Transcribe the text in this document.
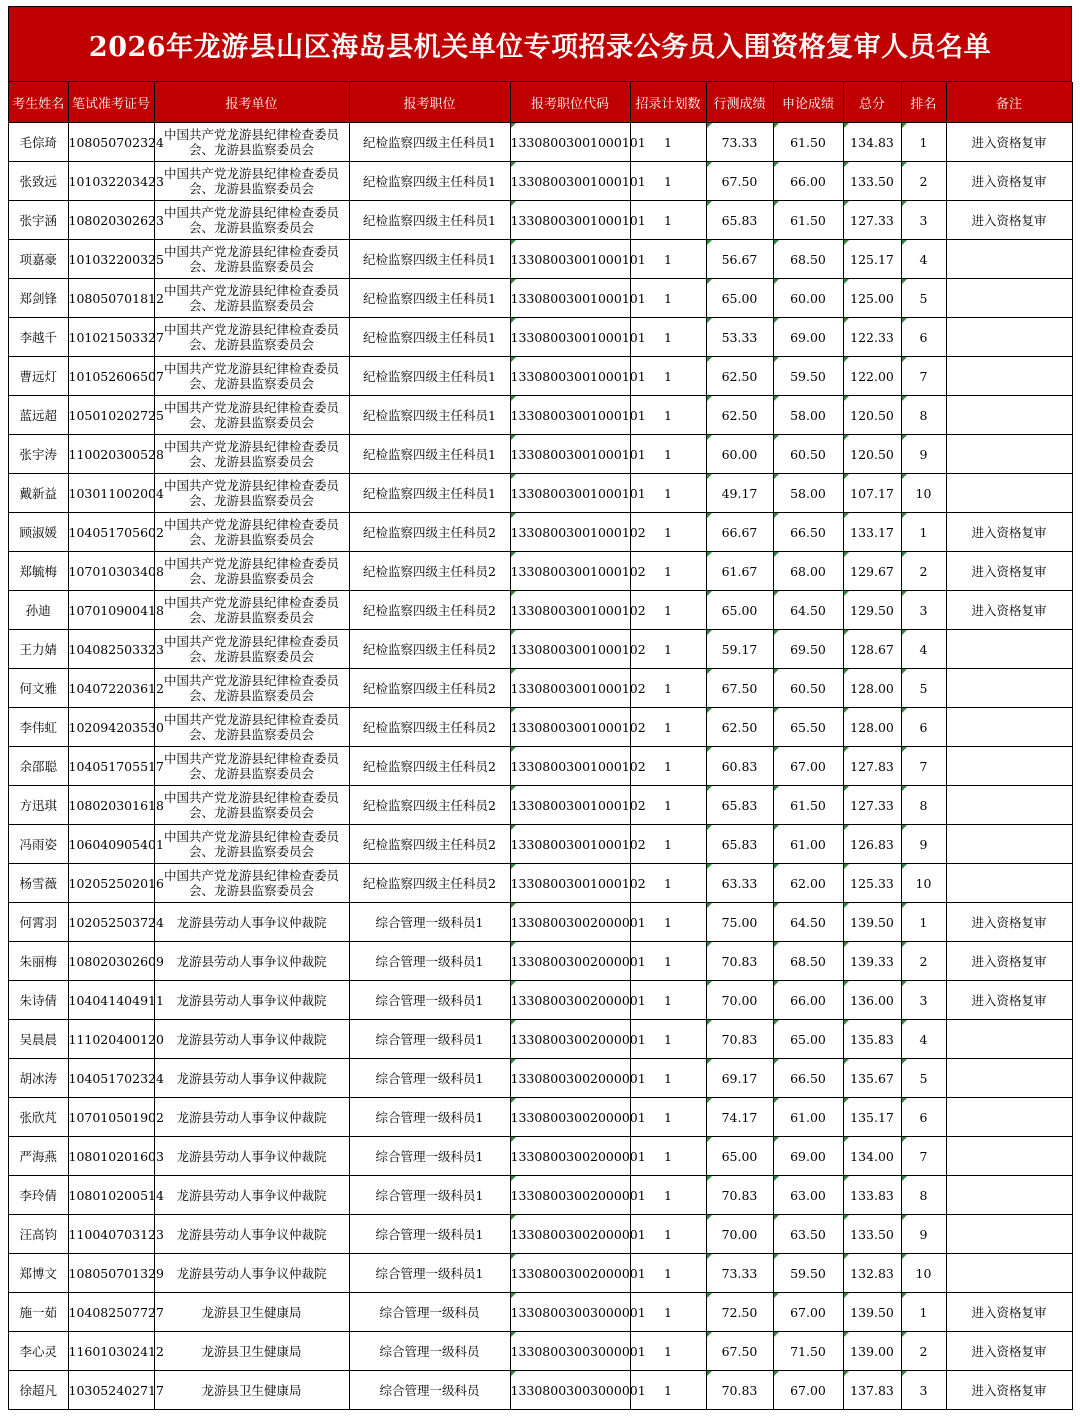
2026年龙游县山区海岛县机关单位专项招录公务员入围资格复审人员名单
考生姓名	笔试准考证号	报考单位	报考职位	报考职位代码	招录计划数	行测成绩	申论成绩	总分	排名	备注
毛倧琦	108050702324	中国共产党龙游县纪律检查委员会、龙游县监察委员会	纪检监察四级主任科员1	13308003001000101	1	73.33	61.50	134.83	1	进入资格复审
张致远	101032203423	中国共产党龙游县纪律检查委员会、龙游县监察委员会	纪检监察四级主任科员1	13308003001000101	1	67.50	66.00	133.50	2	进入资格复审
张宇涵	108020302623	中国共产党龙游县纪律检查委员会、龙游县监察委员会	纪检监察四级主任科员1	13308003001000101	1	65.83	61.50	127.33	3	进入资格复审
项嘉豪	101032200325	中国共产党龙游县纪律检查委员会、龙游县监察委员会	纪检监察四级主任科员1	13308003001000101	1	56.67	68.50	125.17	4	
郑剑锋	108050701812	中国共产党龙游县纪律检查委员会、龙游县监察委员会	纪检监察四级主任科员1	13308003001000101	1	65.00	60.00	125.00	5	
李越千	101021503327	中国共产党龙游县纪律检查委员会、龙游县监察委员会	纪检监察四级主任科员1	13308003001000101	1	53.33	69.00	122.33	6	
曹远灯	101052606507	中国共产党龙游县纪律检查委员会、龙游县监察委员会	纪检监察四级主任科员1	13308003001000101	1	62.50	59.50	122.00	7	
蓝远超	105010202725	中国共产党龙游县纪律检查委员会、龙游县监察委员会	纪检监察四级主任科员1	13308003001000101	1	62.50	58.00	120.50	8	
张宇涛	110020300528	中国共产党龙游县纪律检查委员会、龙游县监察委员会	纪检监察四级主任科员1	13308003001000101	1	60.00	60.50	120.50	9	
戴新益	103011002004	中国共产党龙游县纪律检查委员会、龙游县监察委员会	纪检监察四级主任科员1	13308003001000101	1	49.17	58.00	107.17	10	
顾淑媛	104051705602	中国共产党龙游县纪律检查委员会、龙游县监察委员会	纪检监察四级主任科员2	13308003001000102	1	66.67	66.50	133.17	1	进入资格复审
郑毓梅	107010303408	中国共产党龙游县纪律检查委员会、龙游县监察委员会	纪检监察四级主任科员2	13308003001000102	1	61.67	68.00	129.67	2	进入资格复审
孙迪	107010900418	中国共产党龙游县纪律检查委员会、龙游县监察委员会	纪检监察四级主任科员2	13308003001000102	1	65.00	64.50	129.50	3	进入资格复审
王力婧	104082503323	中国共产党龙游县纪律检查委员会、龙游县监察委员会	纪检监察四级主任科员2	13308003001000102	1	59.17	69.50	128.67	4	
何文雅	104072203612	中国共产党龙游县纪律检查委员会、龙游县监察委员会	纪检监察四级主任科员2	13308003001000102	1	67.50	60.50	128.00	5	
李伟虹	102094203530	中国共产党龙游县纪律检查委员会、龙游县监察委员会	纪检监察四级主任科员2	13308003001000102	1	62.50	65.50	128.00	6	
余邵聪	104051705517	中国共产党龙游县纪律检查委员会、龙游县监察委员会	纪检监察四级主任科员2	13308003001000102	1	60.83	67.00	127.83	7	
方迅琪	108020301618	中国共产党龙游县纪律检查委员会、龙游县监察委员会	纪检监察四级主任科员2	13308003001000102	1	65.83	61.50	127.33	8	
冯雨姿	106040905401	中国共产党龙游县纪律检查委员会、龙游县监察委员会	纪检监察四级主任科员2	13308003001000102	1	65.83	61.00	126.83	9	
杨雪薇	102052502016	中国共产党龙游县纪律检查委员会、龙游县监察委员会	纪检监察四级主任科员2	13308003001000102	1	63.33	62.00	125.33	10	
何霄羽	102052503724	龙游县劳动人事争议仲裁院	综合管理一级科员1	13308003002000001	1	75.00	64.50	139.50	1	进入资格复审
朱丽梅	108020302609	龙游县劳动人事争议仲裁院	综合管理一级科员1	13308003002000001	1	70.83	68.50	139.33	2	进入资格复审
朱诗倩	104041404911	龙游县劳动人事争议仲裁院	综合管理一级科员1	13308003002000001	1	70.00	66.00	136.00	3	进入资格复审
吴晨晨	111020400120	龙游县劳动人事争议仲裁院	综合管理一级科员1	13308003002000001	1	70.83	65.00	135.83	4	
胡冰涛	104051702324	龙游县劳动人事争议仲裁院	综合管理一级科员1	13308003002000001	1	69.17	66.50	135.67	5	
张欣芃	107010501902	龙游县劳动人事争议仲裁院	综合管理一级科员1	13308003002000001	1	74.17	61.00	135.17	6	
严海燕	108010201603	龙游县劳动人事争议仲裁院	综合管理一级科员1	13308003002000001	1	65.00	69.00	134.00	7	
李玲倩	108010200514	龙游县劳动人事争议仲裁院	综合管理一级科员1	13308003002000001	1	70.83	63.00	133.83	8	
汪高钧	110040703123	龙游县劳动人事争议仲裁院	综合管理一级科员1	13308003002000001	1	70.00	63.50	133.50	9	
郑博文	108050701329	龙游县劳动人事争议仲裁院	综合管理一级科员1	13308003002000001	1	73.33	59.50	132.83	10	
施一茹	104082507727	龙游县卫生健康局	综合管理一级科员	13308003003000001	1	72.50	67.00	139.50	1	进入资格复审
李心灵	116010302412	龙游县卫生健康局	综合管理一级科员	13308003003000001	1	67.50	71.50	139.00	2	进入资格复审
徐超凡	103052402717	龙游县卫生健康局	综合管理一级科员	13308003003000001	1	70.83	67.00	137.83	3	进入资格复审
